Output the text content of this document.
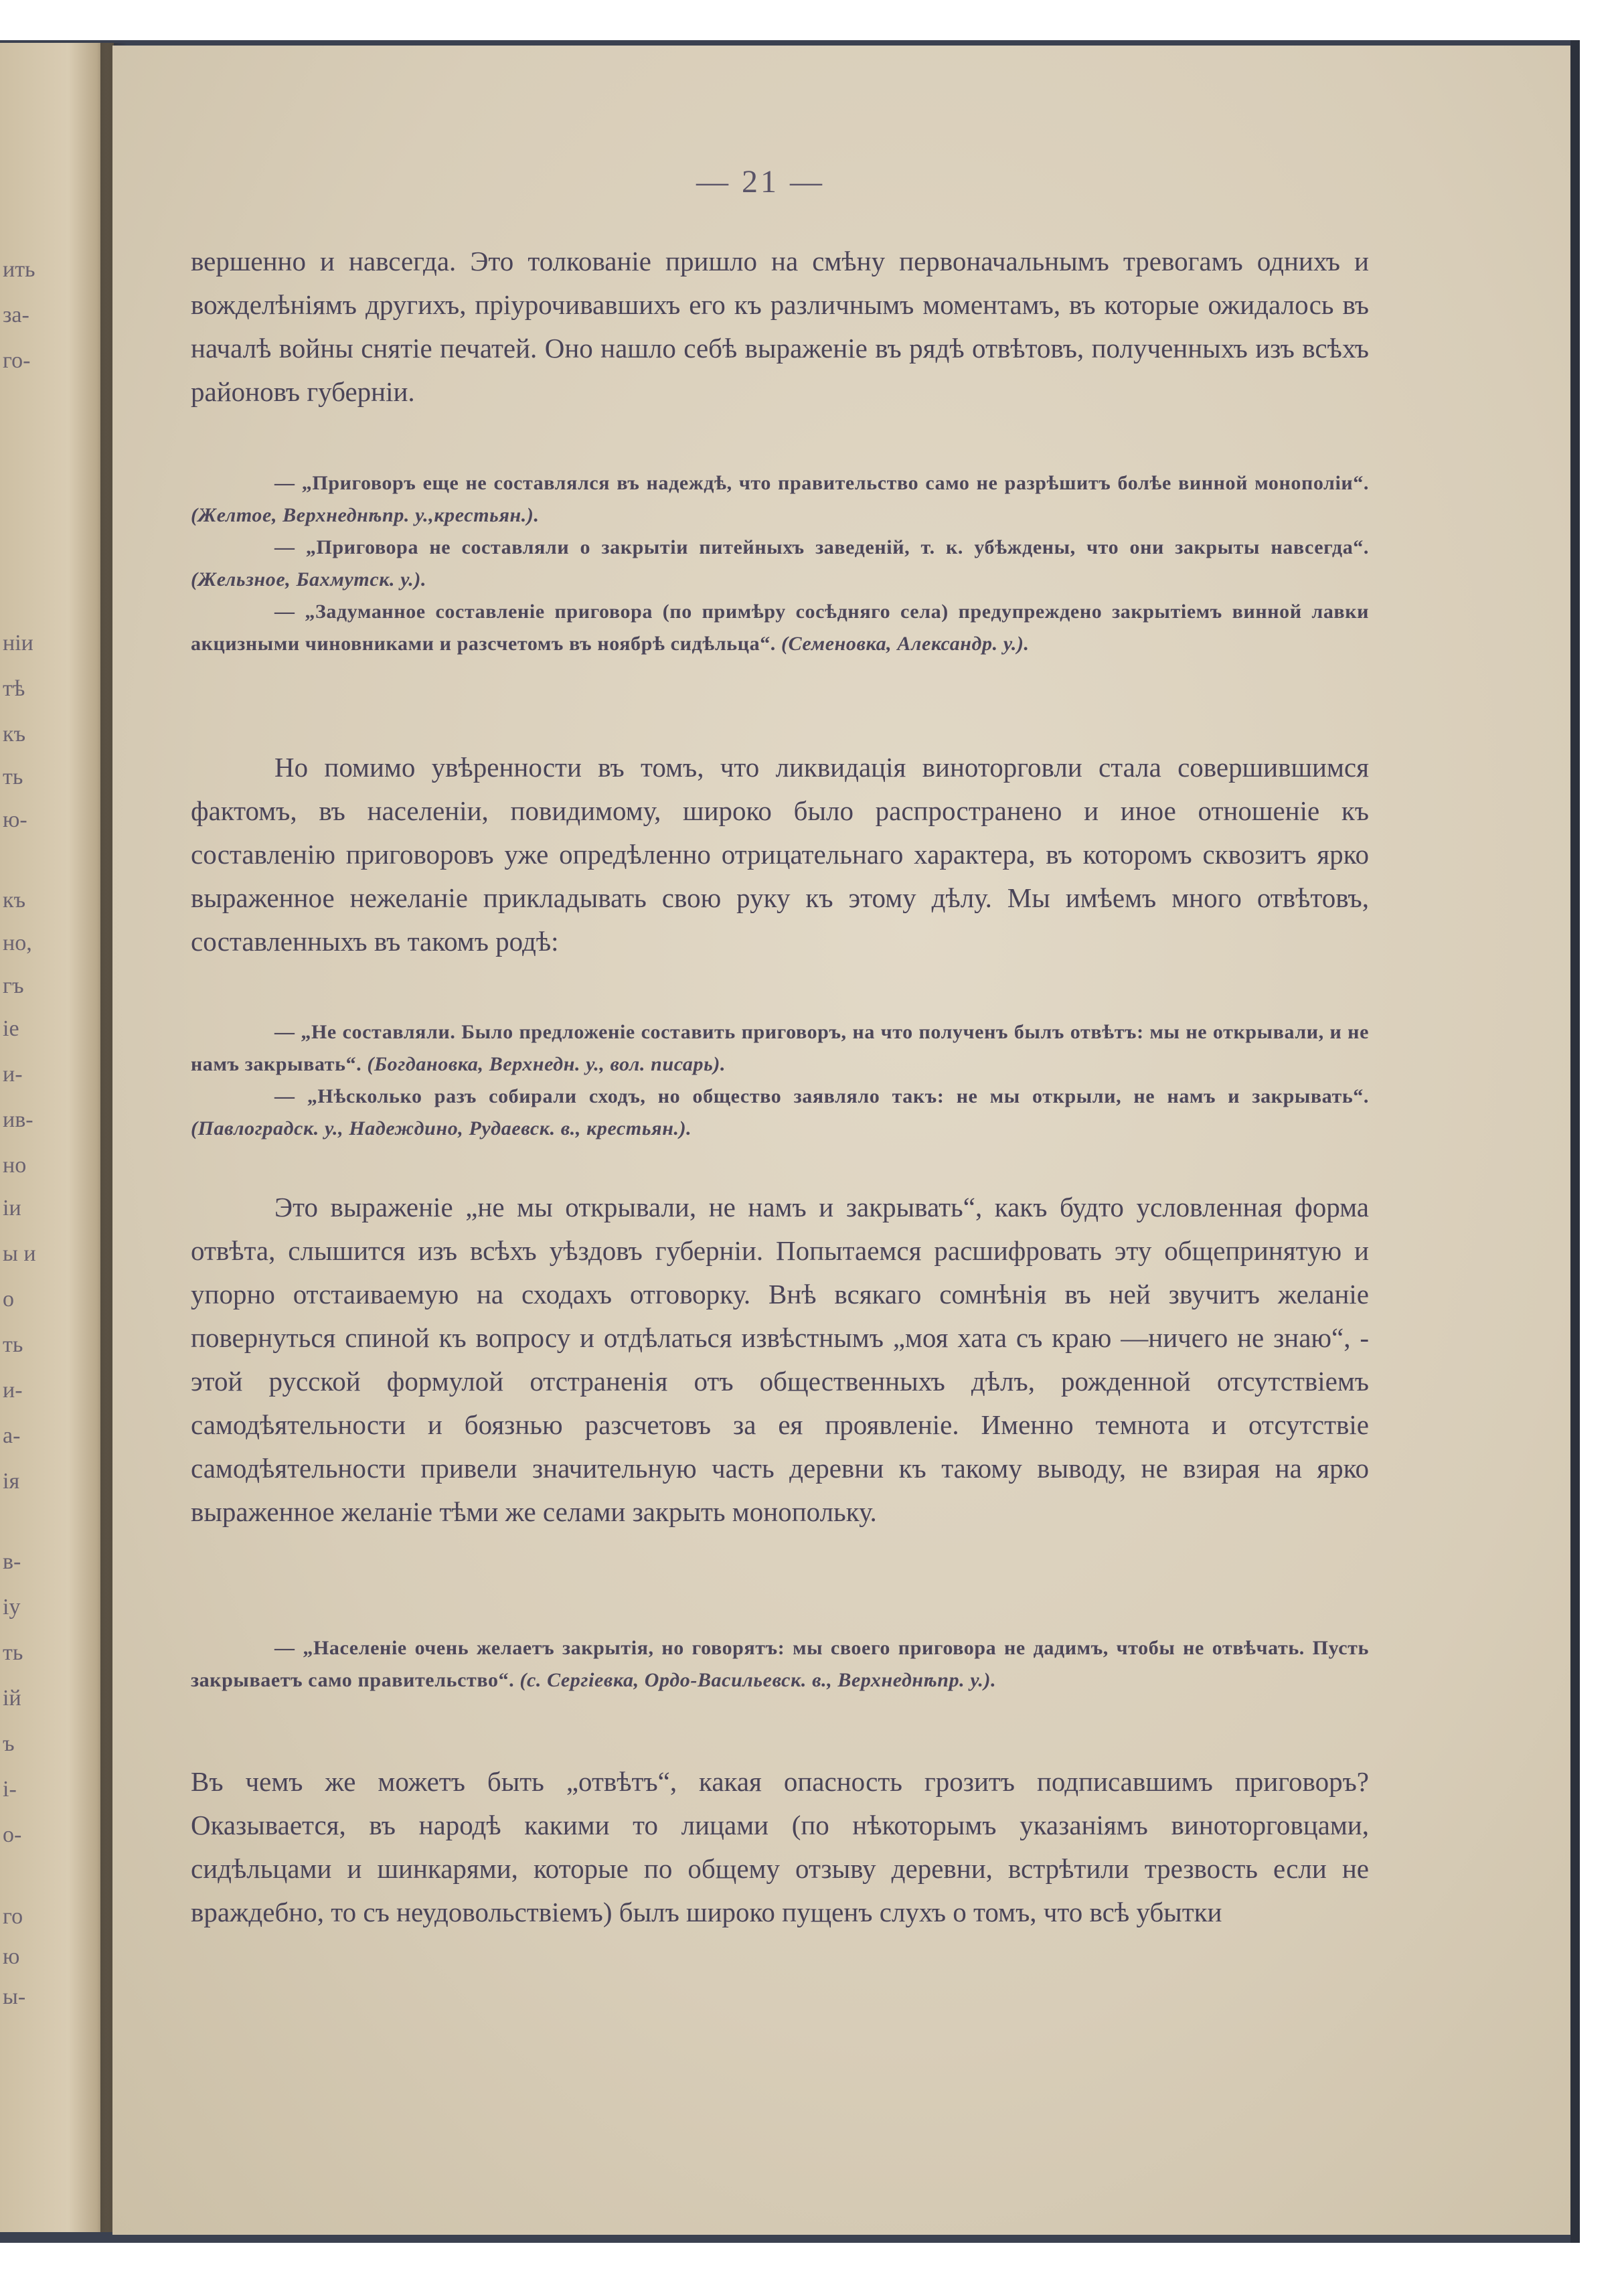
ить
за-
го-
ніи
тѣ
къ
ть
ю-
къ
но,
гъ
іе
и-
ив-
но
іи
ы и
о
ть
и-
а-
ія
в-
іу
ть
ій
ъ
і-
о-
го
ю
ы-
— 21 —

вершенно и навсегда. Это толкованіе пришло на смѣну первоначальнымъ тревогамъ однихъ и вожделѣніямъ другихъ, пріурочивавшихъ его къ различнымъ моментамъ, въ которые ожидалось въ началѣ войны снятіе печатей. Оно нашло себѣ выраженіе въ рядѣ отвѣтовъ, полученныхъ изъ всѣхъ районовъ губерніи.

— „Приговоръ еще не составлялся въ надеждѣ, что правительство само не разрѣшитъ болѣе винной монополіи“. (Желтое, Верхнеднѣпр. у.,крестьян.).

— „Приговора не составляли о закрытіи питейныхъ заведеній, т. к. убѣждены, что они закрыты навсегда“. (Жельзное, Бахмутск. у.).

— „Задуманное составленіе приговора (по примѣру сосѣдняго села) предупреждено закрытіемъ винной лавки акцизными чиновниками и разсчетомъ въ ноябрѣ сидѣльца“. (Семеновка, Александр. у.).

Но помимо увѣренности въ томъ, что ликвидація виноторговли стала совершившимся фактомъ, въ населеніи, повидимому, широко было распространено и иное отношеніе къ составленію приговоровъ уже опредѣленно отрицательнаго характера, въ которомъ сквозитъ ярко выраженное нежеланіе прикладывать свою руку къ этому дѣлу. Мы имѣемъ много отвѣтовъ, составленныхъ въ такомъ родѣ:

— „Не составляли. Было предложеніе составить приговоръ, на что полученъ былъ отвѣтъ: мы не открывали, и не намъ закрывать“. (Богдановка, Верхнедн. у., вол. писарь).

— „Нѣсколько разъ собирали сходъ, но общество заявляло такъ: не мы открыли, не намъ и закрывать“. (Павлоградск. у., Надеждино, Рудаевск. в., крестьян.).

Это выраженіе „не мы открывали, не намъ и закрывать“, какъ будто условленная форма отвѣта, слышится изъ всѣхъ уѣздовъ губерніи. Попытаемся расшифровать эту общепринятую и упорно отстаиваемую на сходахъ отговорку. Внѣ всякаго сомнѣнія въ ней звучитъ желаніе повернуться спиной къ вопросу и отдѣлаться извѣстнымъ „моя хата съ краю —ничего не знаю“, - этой русской формулой отстраненія отъ общественныхъ дѣлъ, рожденной отсутствіемъ самодѣятельности и боязнью разсчетовъ за ея проявленіе. Именно темнота и отсутствіе самодѣятельности привели значительную часть деревни къ такому выводу, не взирая на ярко выраженное желаніе тѣми же селами закрыть монопольку.

— „Населеніе очень желаетъ закрытія, но говорятъ: мы своего приговора не дадимъ, чтобы не отвѣчать. Пусть закрываетъ само правительство“. (с. Сергіевка, Ордо-Васильевск. в., Верхнеднѣпр. у.).

Въ чемъ же можетъ быть „отвѣтъ“, какая опасность грозитъ подписавшимъ приговоръ? Оказывается, въ народѣ какими то лицами (по нѣкоторымъ указаніямъ виноторговцами, сидѣльцами и шинкарями, которые по общему отзыву деревни, встрѣтили трезвость если не враждебно, то съ неудовольствіемъ) былъ широко пущенъ слухъ о томъ, что всѣ убытки
